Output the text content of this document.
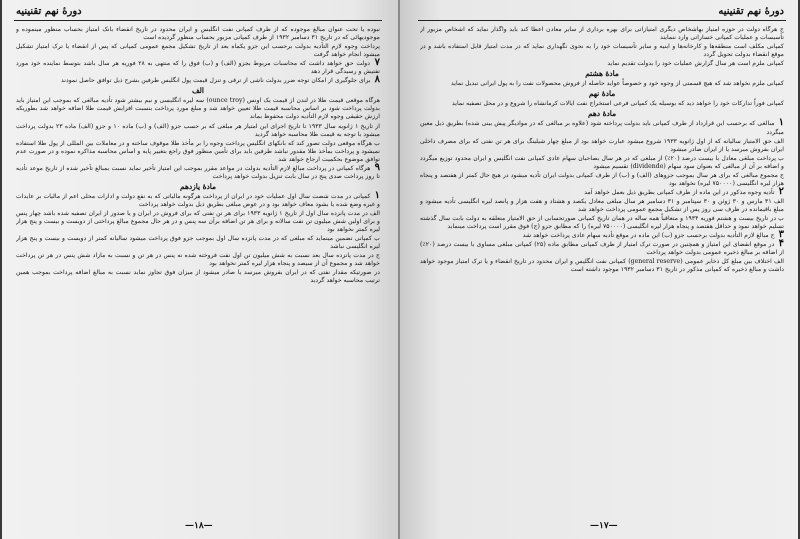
دورهٔ نهم تقنینیه

نبوده یا تحت عنوان مبالغ موجوده که از طرف کمپانی نفت انگلیس و ایران محدود در تاریخ انقضاء بانک امتیاز بحساب منظور مینموده و موجودیهائی که در تاریخ ۳۱ دسامبر ۱۹۳۲ از طرف کمپانی مزبور بحساب منظور گردیده است

پرداخت وجوه لازم التأدیه بدولت برحسب این جزو یکماه بعد از تاریخ تشکیل مجمع عمومی کمپانی که پس از انقضاء یا ترک امتیاز تشکیل میشود انجام خواهد گرفت

۷ دولت حق خواهد داشت که محاسبات مربوط بجزو (الف) و (ب) فوق را که منتهی به ۲۸ فوریه هر سال باشد بتوسط نماینده خود مورد تفتیش و رسیدگی قرار دهد

۸ برای جلوگیری از امکان توجه ضرر بدولت ناشی از ترقی و تنزل قیمت پول انگلیس طرفین بشرح ذیل توافق حاصل نمودند

الف

هرگاه موقعی قیمت طلا در لندن از قیمت یک اونس (ounce troy) سه لیره انگلیسی و نیم بیشتر شود تأدیه مبالغی که بموجب این امتیاز باید بدولت پرداخت شود بر اساس محاسبه قیمت طلا تعیین خواهد شد و مبلغ مورد پرداخت بنسبت افزایش قیمت طلا اضافه خواهد شد بطوریکه ارزش حقیقی وجوه لازم التأدیه دولت محفوظ بماند

از تاریخ ۱ ژانویه سال ۱۹۳۳ تا تاریخ اجرای این امتیاز هر مبلغی که بر حسب جزو (الف) و (ب) ماده ۱۰ و جزو (الف) ماده ۲۳ بدولت پرداخت میشود با توجه به قیمت طلا محاسبه خواهد گردید

ب هرگاه موقعی دولت تصور کند که بانکهای انگلیس پرداخت وجوه را بر مأخذ طلا موقوف ساخته و در معاملات بین المللی از پول طلا استفاده نمیشود و پرداخت بمأخذ طلا مقدور نباشد طرفین باید برای تأمین منظور فوق راجع بتغییر پایه و اساس محاسبه مذاکره نموده و در صورت عدم توافق موضوع بحکمیت ارجاع خواهد شد

۹ هرگاه کمپانی در پرداخت مبالغ لازم التأدیه بدولت در مواعد مقرر بموجب این امتیاز تأخیر نماید نسبت بمبالغ تأخیر شده از تاریخ موعد تأدیه تا روز پرداخت صدی پنج در سال بابت تنزیل بدولت خواهد پرداخت

مادهٔ یازدهم

۱ کمپانی در مدت شصت سال اول عملیات خود در ایران از پرداخت هرگونه مالیاتی که به نفع دولت و ادارات محلی اعم از مالیات بر عایدات و غیره وضع شده یا بشود معاف خواهد بود و در عوض مبلغی بطریق ذیل بدولت خواهد پرداخت

الف در مدت پانزده سال اول از تاریخ ۱ ژانویه ۱۹۳۳ برای هر تن نفتی که برای فروش در ایران و یا صدور از ایران تصفیه شده باشد چهار پنس و برای اولین شش میلیون تن نفت سالانه و برای هر تن اضافه برآن سه پنس و در هر حال مجموع مبالغ پرداختی از دویست و بیست و پنج هزار لیره کمتر نخواهد بود

ب کمپانی تضمین مینماید که مبلغی که در مدت پانزده سال اول بموجب جزو فوق پرداخت میشود سالیانه کمتر از دویست و بیست و پنج هزار لیره انگلیسی نباشد

ج در مدت پانزده سال بعد نسبت به شش میلیون تن اول نفت فروخته شده نه پنس در هر تن و نسبت به مازاد شش پنس در هر تن پرداخت خواهد شد و مجموع آن از سیصد و پنجاه هزار لیره کمتر نخواهد بود

در صورتیکه مقدار نفتی که در ایران بفروش میرسد یا صادر میشود از میزان فوق تجاوز نماید نسبت به مبالغ اضافه پرداخت بموجب همین ترتیب محاسبه خواهد گردید

—۱۸—
دورهٔ نهم تقنینیه

ج هرگاه دولت در حوزه امتیاز بهاشخاص دیگری امتیازاتی برای بهره برداری از سایر معادن اعطا کند باید واگذار نماید که اشخاص مزبور از تأسیسات و عملیات کمپانی خساراتی وارد ننمایند

کمپانی مکلف است منطقه‌ها و کارخانه‌ها و ابنیه و سایر تأسیسات خود را به نحوی نگهداری نماید که در مدت امتیاز قابل استفاده باشد و در موقع انقضاء بدولت تحویل گردد

کمپانی ملزم است هر سال گزارش عملیات خود را بدولت تقدیم نماید

مادهٔ هشتم

کمپانی ملزم نخواهد شد که هیچ قسمتی از وجوه خود و خصوصاً عواید حاصله از فروش محصولات نفت را به پول ایرانی تبدیل نماید

مادهٔ نهم

کمپانی فوراً تدارکات خود را خواهد دید که بوسیله یک کمپانی فرعی استخراج نفت ایالات کرمانشاه را شروع و در محل تصفیه نماید

مادهٔ دهم

۱ مبالغی که برحسب این قرارداد از طرف کمپانی باید بدولت پرداخته شود (علاوه بر مبالغی که در موادیگر پیش بینی شده) بطریق ذیل معین میگردد

الف حق الامتیاز سالیانه که از اول ژانویه ۱۹۳۳ شروع میشود عبارت خواهد بود از مبلغ چهار شیلینگ برای هر تن نفتی که برای مصرف داخلی ایران بفروش میرسد یا از ایران صادر میشود

ب پرداخت مبلغی معادل با بیست درصد (۲۰٪) از مبلغی که در هر سال بصاحبان سهام عادی کمپانی نفت انگلیس و ایران محدود توزیع میگردد و اضافه بر آن از مبالغی که بعنوان سود سهام (dividende) تقسیم میشود

ج مجموع مبالغی که برای هر سال بموجب جزوهای (الف) و (ب) از طرف کمپانی بدولت ایران تأدیه میشود در هیچ حال کمتر از هفتصد و پنجاه هزار لیره انگلیسی (۷۵۰۰۰۰ لیره) نخواهد بود

۲ تأدیه وجوه مذکور در این ماده از طرف کمپانی بطریق ذیل بعمل خواهد آمد

الف ۳۱ مارس و ۳۰ ژوئن و ۳۰ سپتامبر و ۳۱ دسامبر هر سال مبلغی معادل یکصد و هشتاد و هفت هزار و پانصد لیره انگلیسی تأدیه میشود و مبلغ باقیمانده در ظرف سی روز پس از تشکیل مجمع عمومی پرداخت خواهد شد

ب در تاریخ بیست و هشتم فوریه ۱۹۳۴ و متعاقباً همه ساله در همان تاریخ کمپانی صورتحسابی از حق الامتیاز متعلقه به دولت بابت سال گذشته تسلیم خواهد نمود و حداقل هفتصد و پنجاه هزار لیره انگلیسی (۷۵۰۰۰۰ لیره) را که مطابق جزو (ج) فوق مقرر است پرداخت مینماید

۳ ج مبالغ لازم التأدیه بدولت برحسب جزو (ب) این ماده در موقع تأدیه سهام عادی پرداخت خواهد شد

۴ در موقع انقضای این امتیاز و همچنین در صورت ترک امتیاز از طرف کمپانی مطابق ماده (۲۵) کمپانی مبلغی مساوی با بیست درصد (۲۰٪) از اضافه بر مبالغ ذخیره عمومی بدولت خواهد پرداخت

الف اختلاف بین مبلغ کل ذخایر عمومی (general reserve) کمپانی نفت انگلیس و ایران محدود در تاریخ انقضاء و یا ترک امتیاز موجود خواهد داشت و مبالغ ذخیره که کمپانی مذکور در تاریخ ۳۱ دسامبر ۱۹۳۲ موجود داشته است

—۱۷—
